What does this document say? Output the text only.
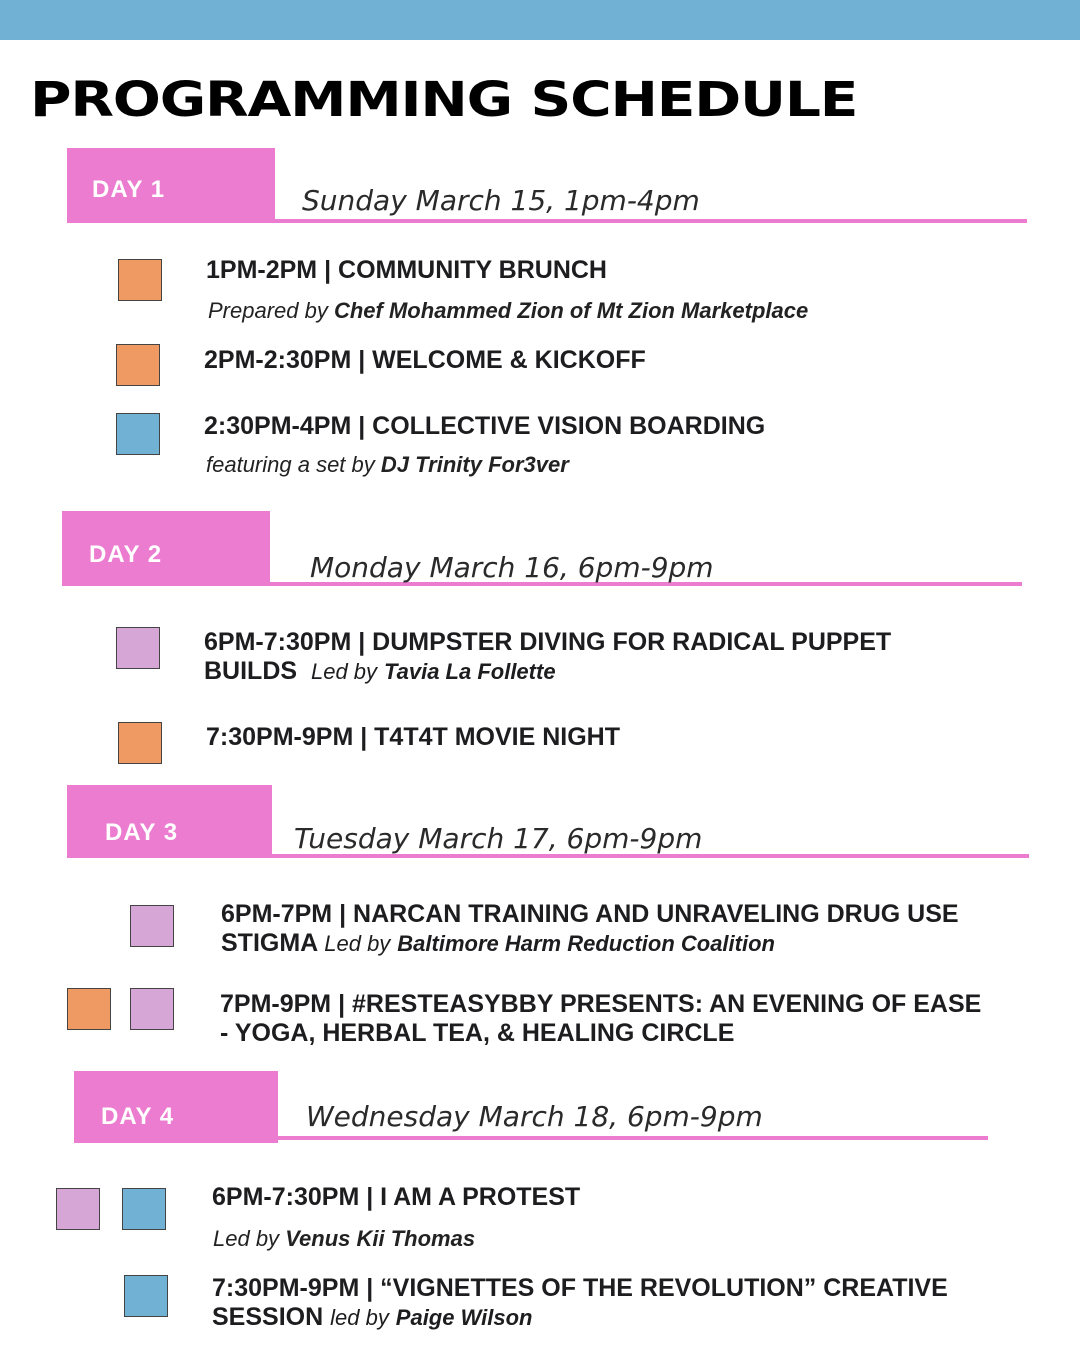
PROGRAMMING SCHEDULE
DAY 1	Sunday March 15, 1pm-4pm
1PM-2PM | COMMUNITY BRUNCH
Prepared by Chef Mohammed Zion of Mt Zion Marketplace
2PM-2:30PM | WELCOME & KICKOFF
2:30PM-4PM | COLLECTIVE VISION BOARDING
featuring a set by DJ Trinity For3ver
DAY 2	Monday March 16, 6pm-9pm
6PM-7:30PM | DUMPSTER DIVING FOR RADICAL PUPPET
BUILDS Led by Tavia La Follette
7:30PM-9PM | T4T4T MOVIE NIGHT
DAY 3	Tuesday March 17, 6pm-9pm
6PM-7PM | NARCAN TRAINING AND UNRAVELING DRUG USE
STIGMA Led by Baltimore Harm Reduction Coalition
7PM-9PM | #RESTEASYBBY PRESENTS: AN EVENING OF EASE
- YOGA, HERBAL TEA, & HEALING CIRCLE
DAY 4	Wednesday March 18, 6pm-9pm
6PM-7:30PM | I AM A PROTEST
Led by Venus Kii Thomas
7:30PM-9PM | “VIGNETTES OF THE REVOLUTION” CREATIVE
SESSION led by Paige Wilson
